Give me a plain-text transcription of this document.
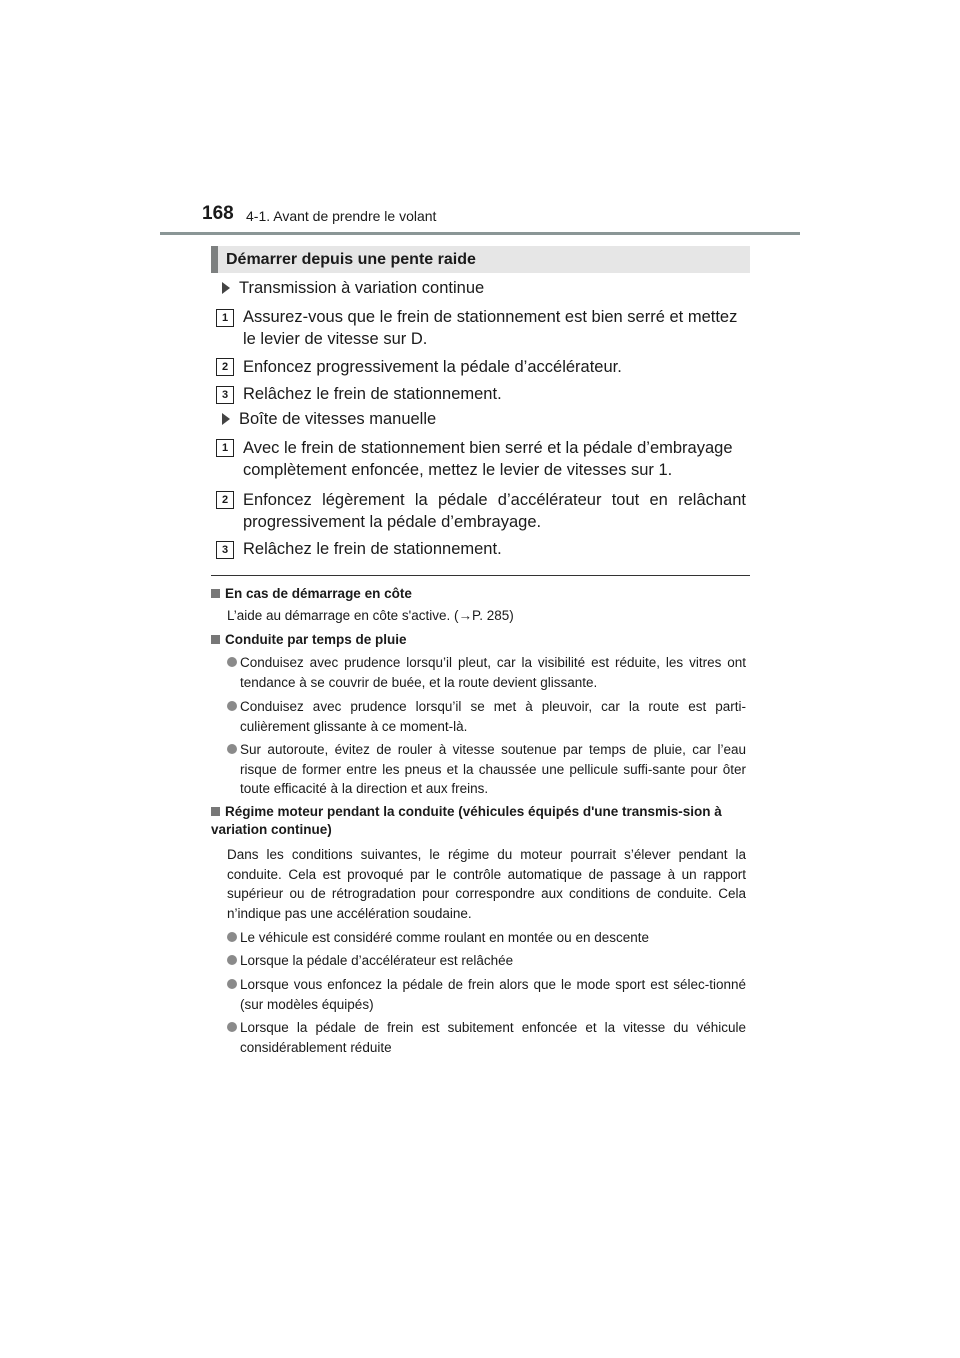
168 4-1. Avant de prendre le volant
Démarrer depuis une pente raide
Transmission à variation continue
1 Assurez-vous que le frein de stationnement est bien serré et mettez le levier de vitesse sur D.
2 Enfoncez progressivement la pédale d’accélérateur.
3 Relâchez le frein de stationnement.
Boîte de vitesses manuelle
1 Avec le frein de stationnement bien serré et la pédale d’embrayage complètement enfoncée, mettez le levier de vitesses sur 1.
2 Enfoncez légèrement la pédale d’accélérateur tout en relâchant progressivement la pédale d’embrayage.
3 Relâchez le frein de stationnement.
En cas de démarrage en côte
L’aide au démarrage en côte s'active. (→P. 285)
Conduite par temps de pluie
Conduisez avec prudence lorsqu’il pleut, car la visibilité est réduite, les vitres ont tendance à se couvrir de buée, et la route devient glissante.
Conduisez avec prudence lorsqu’il se met à pleuvoir, car la route est parti-culièrement glissante à ce moment-là.
Sur autoroute, évitez de rouler à vitesse soutenue par temps de pluie, car l’eau risque de former entre les pneus et la chaussée une pellicule suffi-sante pour ôter toute efficacité à la direction et aux freins.
Régime moteur pendant la conduite (véhicules équipés d'une transmis-sion à variation continue)
Dans les conditions suivantes, le régime du moteur pourrait s’élever pendant la conduite. Cela est provoqué par le contrôle automatique de passage à un rapport supérieur ou de rétrogradation pour correspondre aux conditions de conduite. Cela n’indique pas une accélération soudaine.
Le véhicule est considéré comme roulant en montée ou en descente
Lorsque la pédale d’accélérateur est relâchée
Lorsque vous enfoncez la pédale de frein alors que le mode sport est sélec-tionné (sur modèles équipés)
Lorsque la pédale de frein est subitement enfoncée et la vitesse du véhicule considérablement réduite
